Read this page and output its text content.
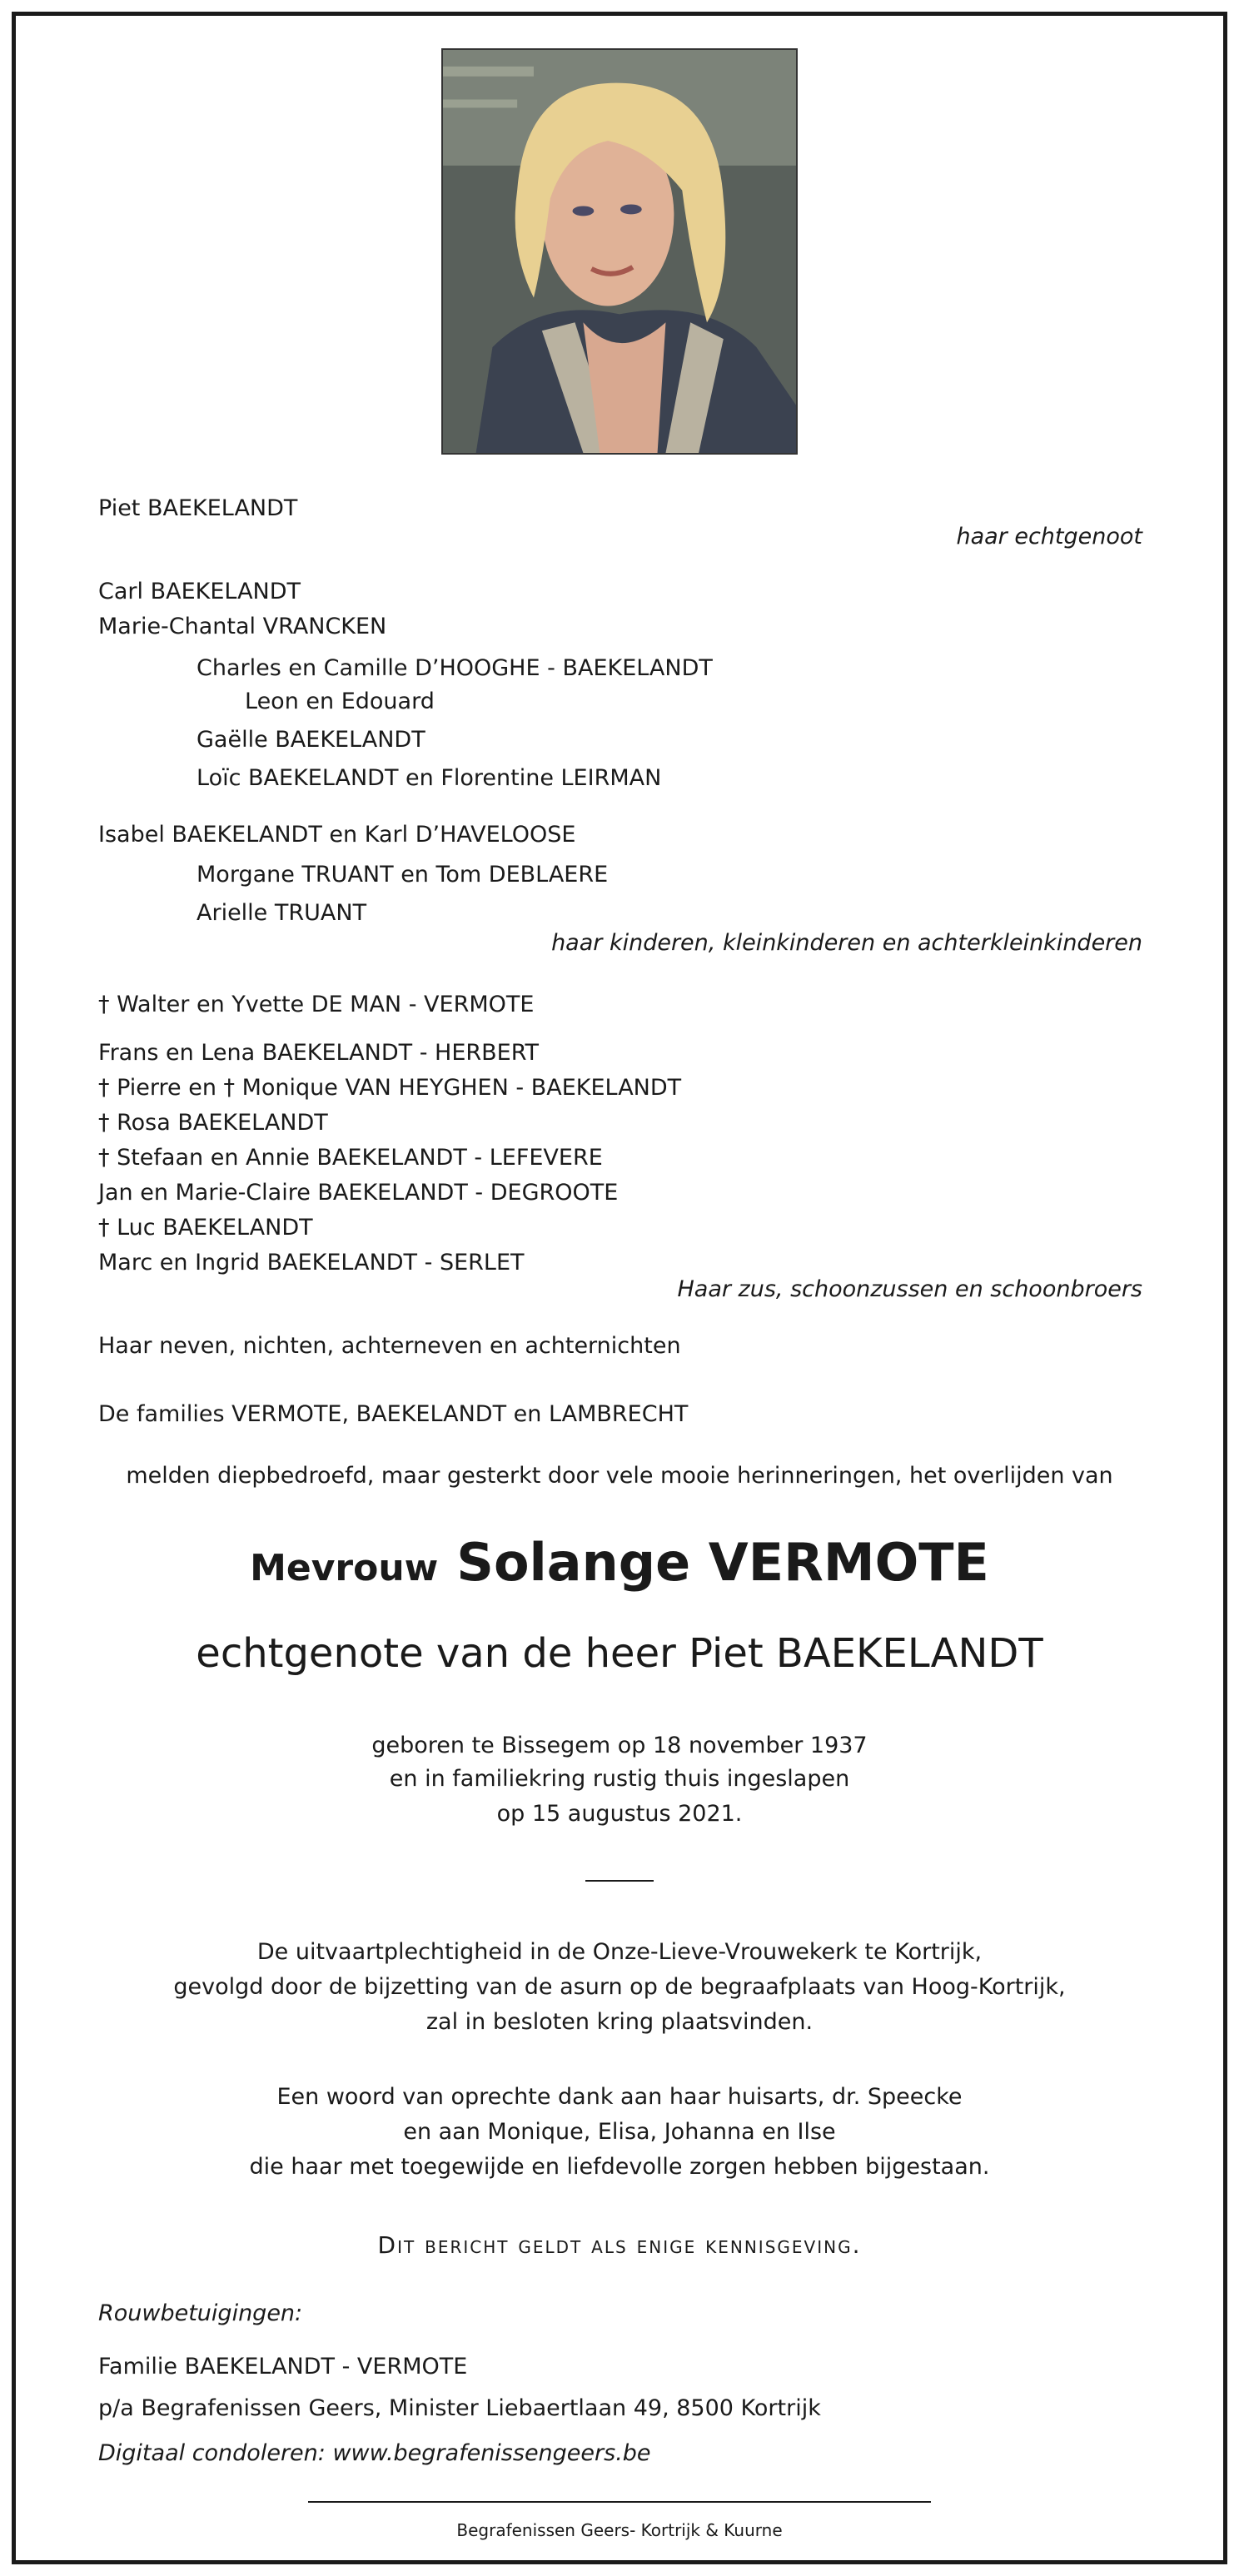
Piet BAEKELANDT
haar echtgenoot
Carl BAEKELANDT
Marie-Chantal VRANCKEN
Charles en Camille D’HOOGHE - BAEKELANDT
Leon en Edouard
Gaëlle BAEKELANDT
Loïc BAEKELANDT en Florentine LEIRMAN
Isabel BAEKELANDT en Karl D’HAVELOOSE
Morgane TRUANT en Tom DEBLAERE
Arielle TRUANT
haar kinderen, kleinkinderen en achterkleinkinderen
† Walter en Yvette DE MAN - VERMOTE
Frans en Lena BAEKELANDT - HERBERT
† Pierre en † Monique VAN HEYGHEN - BAEKELANDT
† Rosa BAEKELANDT
† Stefaan en Annie BAEKELANDT - LEFEVERE
Jan en Marie-Claire BAEKELANDT - DEGROOTE
† Luc BAEKELANDT
Marc en Ingrid BAEKELANDT - SERLET
Haar zus, schoonzussen en schoonbroers
Haar neven, nichten, achterneven en achternichten
De families VERMOTE, BAEKELANDT en LAMBRECHT
melden diepbedroefd, maar gesterkt door vele mooie herinneringen, het overlijden van
Mevrouw Solange VERMOTE
echtgenote van de heer Piet BAEKELANDT
geboren te Bissegem op 18 november 1937
en in familiekring rustig thuis ingeslapen
op 15 augustus 2021.
De uitvaartplechtigheid in de Onze-Lieve-Vrouwekerk te Kortrijk,
gevolgd door de bijzetting van de asurn op de begraafplaats van Hoog-Kortrijk,
zal in besloten kring plaatsvinden.
Een woord van oprechte dank aan haar huisarts, dr. Speecke
en aan Monique, Elisa, Johanna en Ilse
die haar met toegewijde en liefdevolle zorgen hebben bijgestaan.
Dit bericht geldt als enige kennisgeving.
Rouwbetuigingen:
Familie BAEKELANDT - VERMOTE
p/a Begrafenissen Geers, Minister Liebaertlaan 49, 8500 Kortrijk
Digitaal condoleren: www.begrafenissengeers.be
Begrafenissen Geers- Kortrijk & Kuurne
